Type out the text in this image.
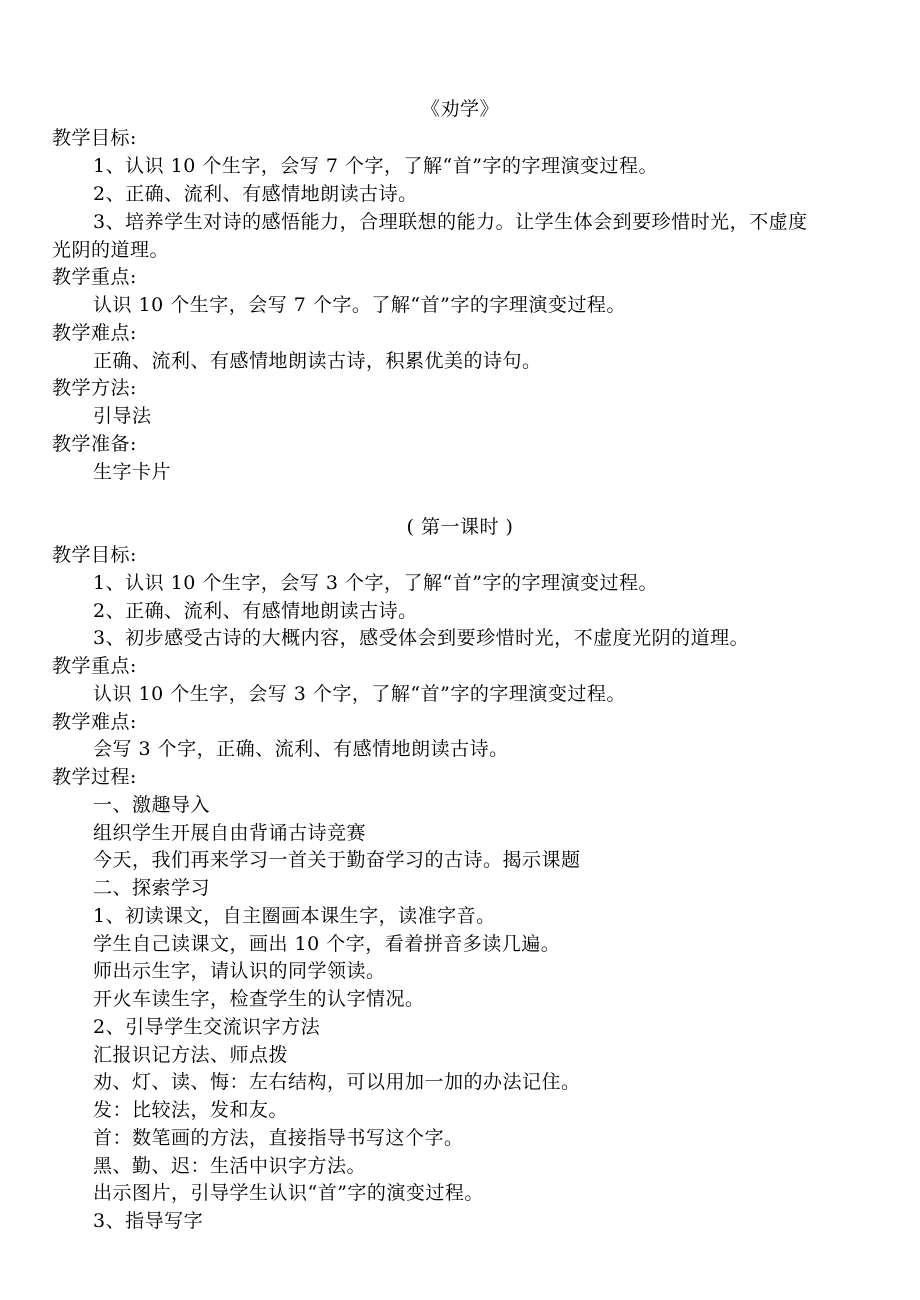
《劝学》
教学目标:
1、认识 10 个生字，会写 7 个字，了解“首”字的字理演变过程。
2、正确、流利、有感情地朗读古诗。
3、培养学生对诗的感悟能力，合理联想的能力。让学生体会到要珍惜时光，不虚度
光阴的道理。
教学重点:
认识 10 个生字，会写 7 个字。了解“首”字的字理演变过程。
教学难点:
正确、流利、有感情地朗读古诗，积累优美的诗句。
教学方法:
引导法
教学准备:
生字卡片
( 第一课时 )
教学目标:
1、认识 10 个生字，会写 3 个字，了解“首”字的字理演变过程。
2、正确、流利、有感情地朗读古诗。
3、初步感受古诗的大概内容，感受体会到要珍惜时光，不虚度光阴的道理。
教学重点:
认识 10 个生字，会写 3 个字，了解“首”字的字理演变过程。
教学难点:
会写 3 个字，正确、流利、有感情地朗读古诗。
教学过程:
一、激趣导入
组织学生开展自由背诵古诗竞赛
今天，我们再来学习一首关于勤奋学习的古诗。揭示课题
二、探索学习
1、初读课文，自主圈画本课生字，读准字音。
学生自己读课文，画出 10 个字，看着拼音多读几遍。
师出示生字，请认识的同学领读。
开火车读生字，检查学生的认字情况。
2、引导学生交流识字方法
汇报识记方法、师点拨
劝、灯、读、悔：左右结构，可以用加一加的办法记住。
发：比较法，发和友。
首：数笔画的方法，直接指导书写这个字。
黑、勤、迟：生活中识字方法。
出示图片，引导学生认识“首”字的演变过程。
3、指导写字
